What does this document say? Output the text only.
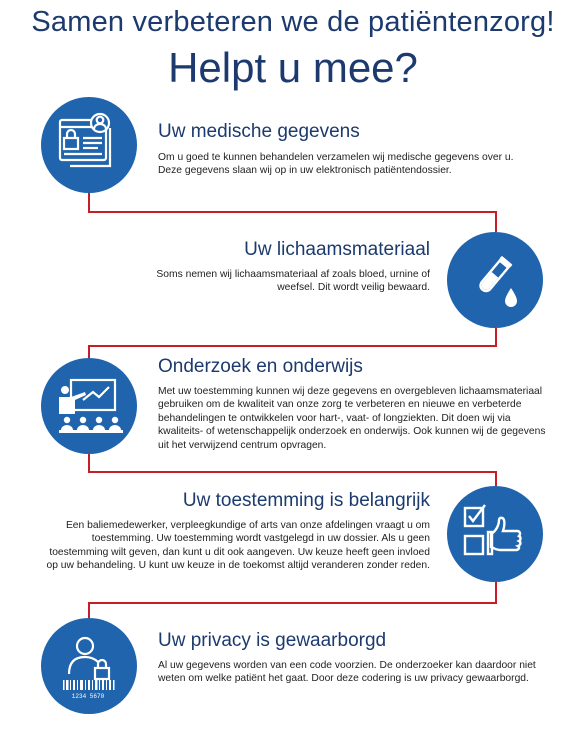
Samen verbeteren we de patiëntenzorg!
Helpt u mee?
Uw medische gegevens
Om u goed te kunnen behandelen verzamelen wij medische gegevens over u. Deze gegevens slaan wij op in uw elektronisch patiëntendossier.
Uw lichaamsmateriaal
Soms nemen wij lichaamsmateriaal af zoals bloed, urnine of weefsel. Dit wordt veilig bewaard.
Onderzoek en onderwijs
Met uw toestemming kunnen wij deze gegevens en overgebleven lichaamsmateriaal gebruiken om de kwaliteit van onze zorg te verbeteren en nieuwe en verbeterde behandelingen te ontwikkelen voor hart-, vaat- of longziekten. Dit doen wij via kwaliteits- of wetenschappelijk onderzoek en onderwijs. Ook kunnen wij de gegevens uit het verwijzend centrum opvragen.
Uw toestemming is belangrijk
Een baliemedewerker, verpleegkundige of arts van onze afdelingen vraagt u om toestemming. Uw toestemming wordt vastgelegd in uw dossier. Als u geen toestemming wilt geven, dan kunt u dit ook aangeven. Uw keuze heeft geen invloed op uw behandeling. U kunt uw keuze in de toekomst altijd veranderen zonder reden.
1234 5670
Uw privacy is gewaarborgd
Al uw gegevens worden van een code voorzien. De onderzoeker kan daardoor niet weten om welke patiënt het gaat. Door deze codering is uw privacy gewaarborgd.
